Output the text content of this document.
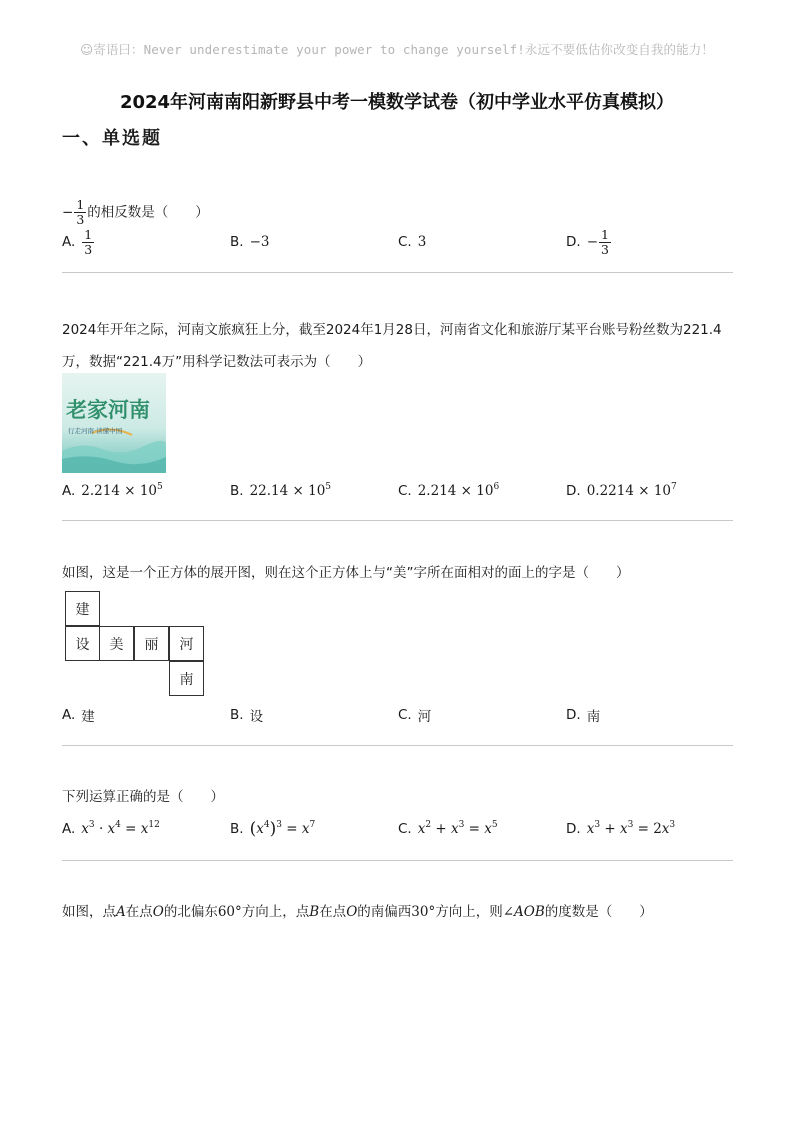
☺寄语曰：Never underestimate your power to change yourself!永远不要低估你改变自我的能力！
2024年河南南阳新野县中考一模数学试卷（初中学业水平仿真模拟）
一、单选题
− $\frac{1}{3}$ 的相反数是（　　）
A. $\frac{1}{3}$	B. −3	C. 3	D. − $\frac{1}{3}$
2024年开年之际，河南文旅疯狂上分，截至2024年1月28日，河南省文化和旅游厅某平台账号粉丝数为221.4
万，数据“221.4万”用科学记数法可表示为（　　）
老家河南
行走河南·读懂中国
A. $2.214 \times 10^5$	B. $22.14 \times 10^5$	C. $2.214 \times 10^6$	D. $0.2214 \times 10^7$
如图，这是一个正方体的展开图，则在这个正方体上与“美”字所在面相对的面上的字是（　　）
建
设	美	丽	河
南
A. 建	B. 设	C. 河	D. 南
下列运算正确的是（　　）
A. $x^3 \cdot x^4 = x^{12}$	B. $(x^4)^3 = x^7$	C. $x^2 + x^3 = x^5$	D. $x^3 + x^3 = 2x^3$
如图，点A在点O的北偏东60°方向上，点B在点O的南偏西30°方向上，则∠AOB的度数是（　　）
